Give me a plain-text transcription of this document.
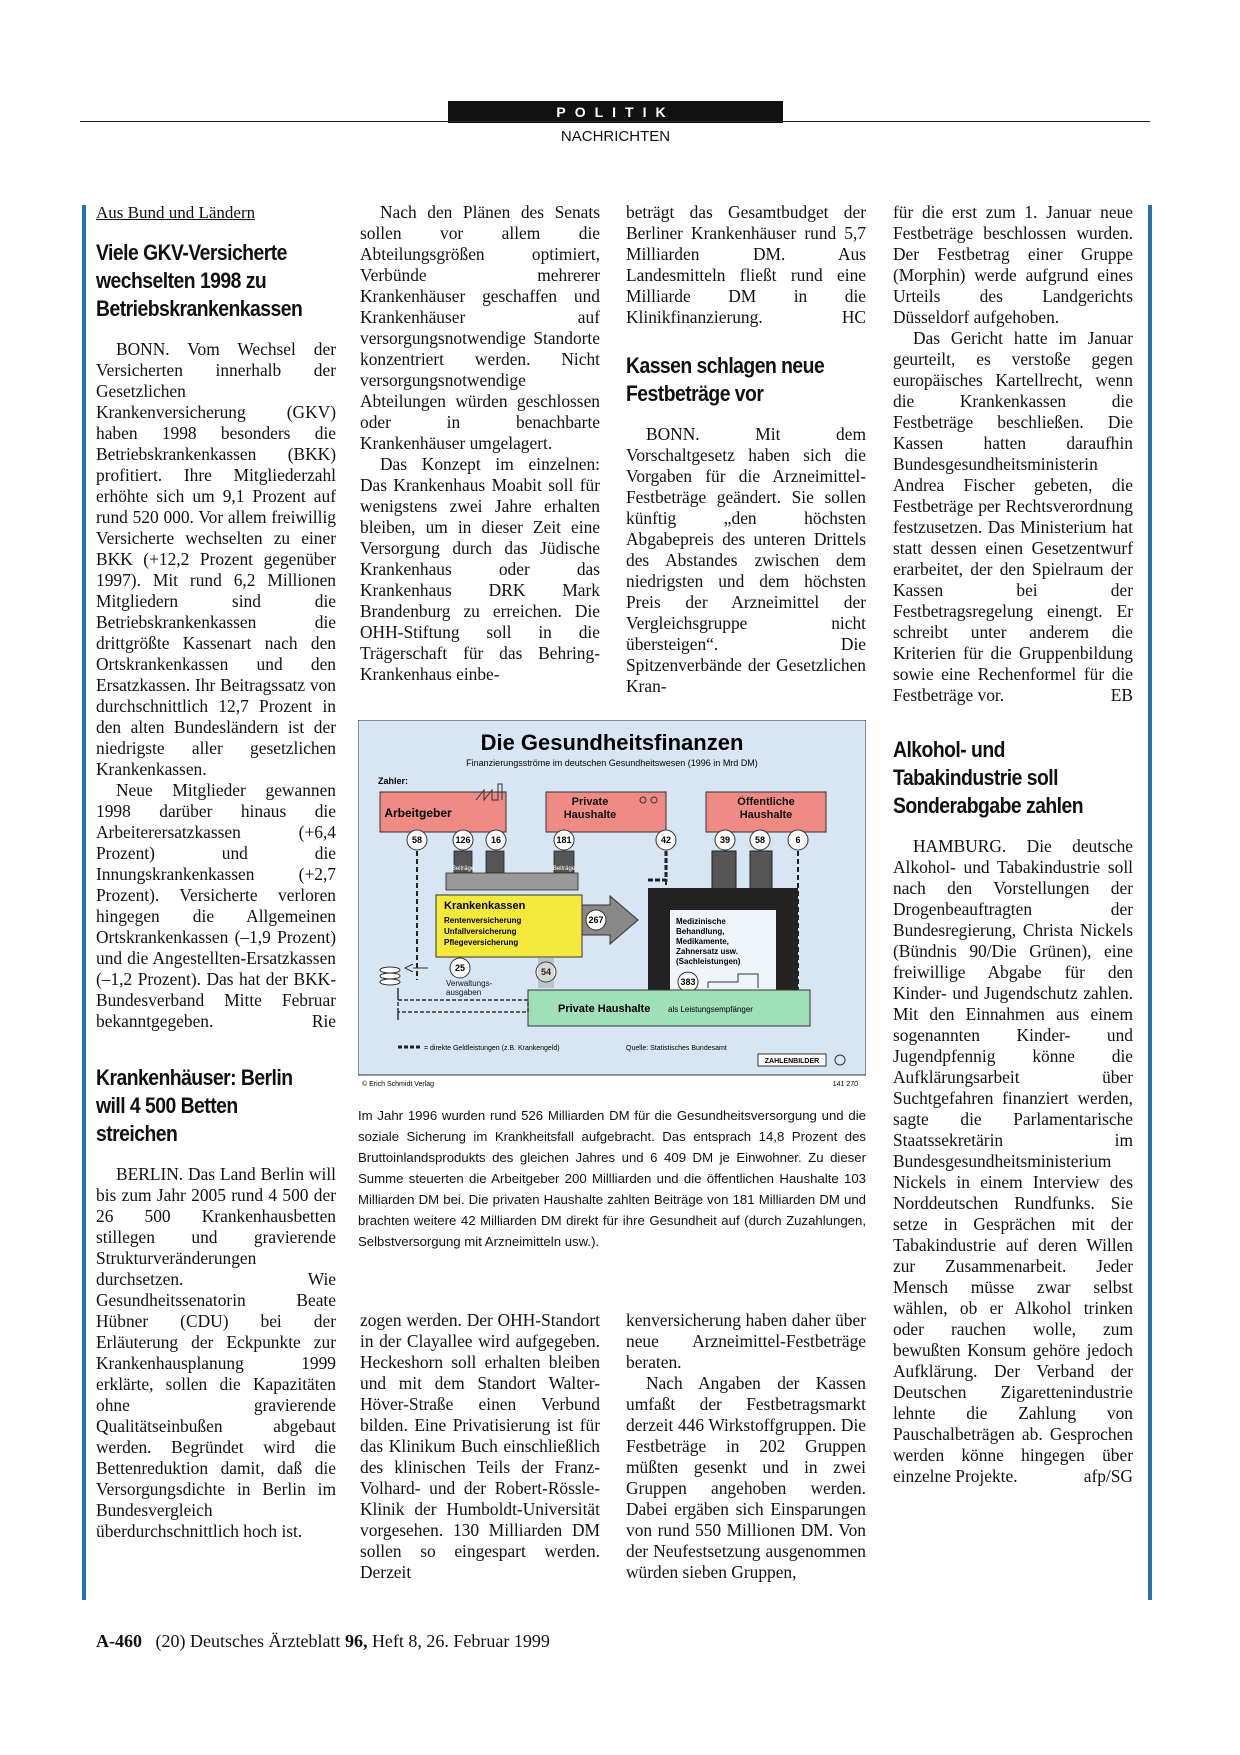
POLITIK
NACHRICHTEN
Aus Bund und Ländern
Viele GKV-Versicherte wechselten 1998 zu Betriebskrankenkassen

BONN. Vom Wechsel der Versicherten innerhalb der Gesetzlichen Krankenversicherung (GKV) haben 1998 besonders die Betriebskrankenkassen (BKK) profitiert. Ihre Mitgliederzahl erhöhte sich um 9,1 Prozent auf rund 520 000. Vor allem freiwillig Versicherte wechselten zu einer BKK (+12,2 Prozent gegenüber 1997). Mit rund 6,2 Millionen Mitgliedern sind die Betriebskrankenkassen die drittgrößte Kassenart nach den Ortskrankenkassen und den Ersatzkassen. Ihr Beitragssatz von durchschnittlich 12,7 Prozent in den alten Bundesländern ist der niedrigste aller gesetzlichen Krankenkassen.

Neue Mitglieder gewannen 1998 darüber hinaus die Arbeiterersatzkassen (+6,4 Prozent) und die Innungskrankenkassen (+2,7 Prozent). Versicherte verloren hingegen die Allgemeinen Ortskrankenkassen (–1,9 Prozent) und die Angestellten-Ersatzkassen (–1,2 Prozent). Das hat der BKK-Bundesverband Mitte Februar bekanntgegeben.	Rie

Krankenhäuser: Berlin will 4 500 Betten streichen

BERLIN. Das Land Berlin will bis zum Jahr 2005 rund 4 500 der 26 500 Krankenhausbetten stillegen und gravierende Strukturveränderungen durchsetzen. Wie Gesundheitssenatorin Beate Hübner (CDU) bei der Erläuterung der Eckpunkte zur Krankenhausplanung 1999 erklärte, sollen die Kapazitäten ohne gravierende Qualitätseinbußen abgebaut werden. Begründet wird die Bettenreduktion damit, daß die Versorgungsdichte in Berlin im Bundesvergleich überdurchschnittlich hoch ist.

Nach den Plänen des Senats sollen vor allem die Abteilungsgrößen optimiert, Verbünde mehrerer Krankenhäuser geschaffen und Krankenhäuser auf versorgungsnotwendige Standorte konzentriert werden. Nicht versorgungsnotwendige Abteilungen würden geschlossen oder in benachbarte Krankenhäuser umgelagert.

Das Konzept im einzelnen: Das Krankenhaus Moabit soll für wenigstens zwei Jahre erhalten bleiben, um in dieser Zeit eine Versorgung durch das Jüdische Krankenhaus oder das Krankenhaus DRK Mark Brandenburg zu erreichen. Die OHH-Stiftung soll in die Trägerschaft für das Behring-Krankenhaus einbe-

beträgt das Gesamtbudget der Berliner Krankenhäuser rund 5,7 Milliarden DM. Aus Landesmitteln fließt rund eine Milliarde DM in die Klinikfinanzierung.	HC

Kassen schlagen neue Festbeträge vor

BONN. Mit dem Vorschaltgesetz haben sich die Vorgaben für die Arzneimittel-Festbeträge geändert. Sie sollen künftig „den höchsten Abgabepreis des unteren Drittels des Abstandes zwischen dem niedrigsten und dem höchsten Preis der Arzneimittel der Vergleichsgruppe nicht übersteigen“. Die Spitzenverbände der Gesetzlichen Kran-

Die Gesundheitsfinanzen
Finanzierungsströme im deutschen Gesundheitswesen (1996 in Mrd DM)
Zahler:
Arbeitgeber
Private Haushalte
Öffentliche Haushalte
58	126 16	181	42	39	58	6
Beiträge	Beiträge
Krankenkassen
Rentenversicherung
Unfallversicherung
Pflegeversicherung
267	Medizinische
Behandlung,
Medikamente,
Zahnersatz usw.
(Sachleistungen)
383
25
Verwaltungs-ausgaben
54
Private Haushalte als Leistungsempfänger
= direkte Geldleistungen (z.B. Krankengeld)	Quelle: Statistisches Bundesamt
ZAHLENBILDER
© Erich Schmidt Verlag	141 270
Im Jahr 1996 wurden rund 526 Milliarden DM für die Gesundheitsversorgung und die soziale Sicherung im Krankheitsfall aufgebracht. Das entsprach 14,8 Prozent des Bruttoinlandsprodukts des gleichen Jahres und 6 409 DM je Einwohner. Zu dieser Summe steuerten die Arbeitgeber 200 Millliarden und die öffentlichen Haushalte 103 Milliarden DM bei. Die privaten Haushalte zahlten Beiträge von 181 Milliarden DM und brachten weitere 42 Milliarden DM direkt für ihre Gesundheit auf (durch Zuzahlungen, Selbstversorgung mit Arzneimitteln usw.).

zogen werden. Der OHH-Standort in der Clayallee wird aufgegeben. Heckeshorn soll erhalten bleiben und mit dem Standort Walter-Höver-Straße einen Verbund bilden. Eine Privatisierung ist für das Klinikum Buch einschließlich des klinischen Teils der Franz-Volhard- und der Robert-Rössle-Klinik der Humboldt-Universität vorgesehen. 130 Milliarden DM sollen so eingespart werden. Derzeit

kenversicherung haben daher über neue Arzneimittel-Festbeträge beraten.

Nach Angaben der Kassen umfaßt der Festbetragsmarkt derzeit 446 Wirkstoffgruppen. Die Festbeträge in 202 Gruppen müßten gesenkt und in zwei Gruppen angehoben werden. Dabei ergäben sich Einsparungen von rund 550 Millionen DM. Von der Neufestsetzung ausgenommen würden sieben Gruppen,

für die erst zum 1. Januar neue Festbeträge beschlossen wurden. Der Festbetrag einer Gruppe (Morphin) werde aufgrund eines Urteils des Landgerichts Düsseldorf aufgehoben.

Das Gericht hatte im Januar geurteilt, es verstoße gegen europäisches Kartellrecht, wenn die Krankenkassen die Festbeträge beschließen. Die Kassen hatten daraufhin Bundesgesundheitsministerin Andrea Fischer gebeten, die Festbeträge per Rechtsverordnung festzusetzen. Das Ministerium hat statt dessen einen Gesetzentwurf erarbeitet, der den Spielraum der Kassen bei der Festbetragsregelung einengt. Er schreibt unter anderem die Kriterien für die Gruppenbildung sowie eine Rechenformel für die Festbeträge vor.	EB

Alkohol- und Tabakindustrie soll Sonderabgabe zahlen

HAMBURG. Die deutsche Alkohol- und Tabakindustrie soll nach den Vorstellungen der Drogenbeauftragten der Bundesregierung, Christa Nickels (Bündnis 90/Die Grünen), eine freiwillige Abgabe für den Kinder- und Jugendschutz zahlen. Mit den Einnahmen aus einem sogenannten Kinder- und Jugendpfennig könne die Aufklärungsarbeit über Suchtgefahren finanziert werden, sagte die Parlamentarische Staatssekretärin im Bundesgesundheitsministerium Nickels in einem Interview des Norddeutschen Rundfunks. Sie setze in Gesprächen mit der Tabakindustrie auf deren Willen zur Zusammenarbeit. Jeder Mensch müsse zwar selbst wählen, ob er Alkohol trinken oder rauchen wolle, zum bewußten Konsum gehöre jedoch Aufklärung. Der Verband der Deutschen Zigarettenindustrie lehnte die Zahlung von Pauschalbeträgen ab. Gesprochen werden könne hingegen über einzelne Projekte.	afp/SG

A-460 (20) Deutsches Ärzteblatt 96, Heft 8, 26. Februar 1999
